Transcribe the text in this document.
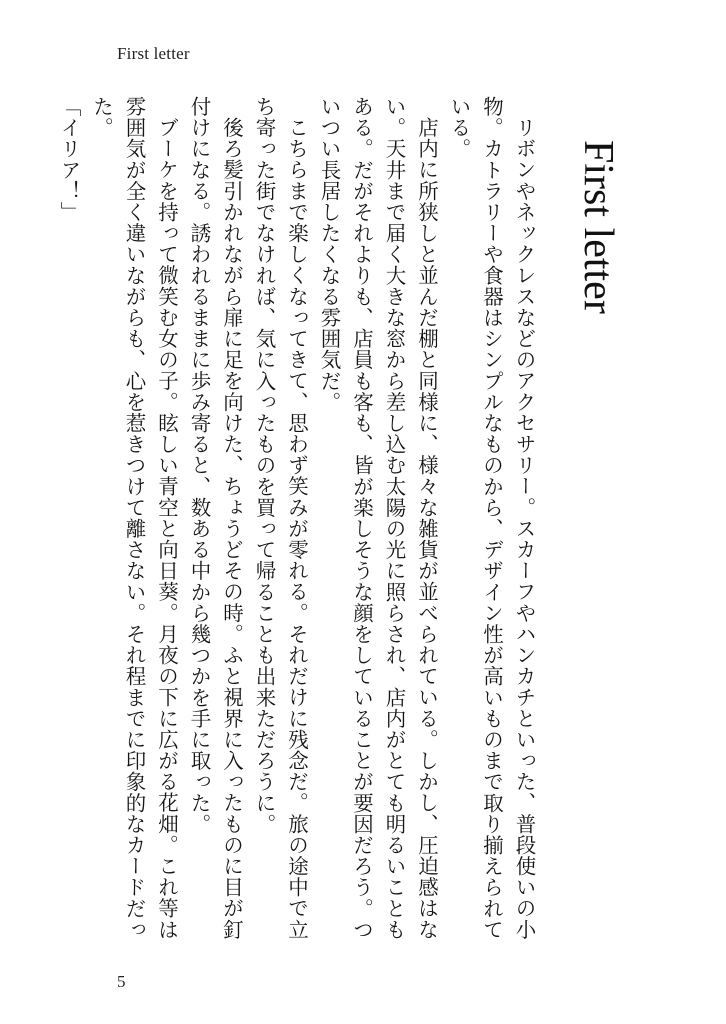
First letter
First letter

リボンやネックレスなどのアクセサリー。スカーフやハンカチといった、普段使いの小物。カトラリーや食器はシンプルなものから、デザイン性が高いものまで取り揃えられている。

店内に所狭しと並んだ棚と同様に、様々な雑貨が並べられている。しかし、圧迫感はない。天井まで届く大きな窓から差し込む太陽の光に照らされ、店内がとても明るいこともある。だがそれよりも、店員も客も、皆が楽しそうな顔をしていることが要因だろう。ついつい長居したくなる雰囲気だ。

こちらまで楽しくなってきて、思わず笑みが零れる。それだけに残念だ。旅の途中で立ち寄った街でなければ、気に入ったものを買って帰ることも出来ただろうに。

後ろ髪引かれながら扉に足を向けた、ちょうどその時。ふと視界に入ったものに目が釘付けになる。誘われるままに歩み寄ると、数ある中から幾つかを手に取った。

ブーケを持って微笑む女の子。眩しい青空と向日葵。月夜の下に広がる花畑。これ等は雰囲気が全く違いながらも、心を惹きつけて離さない。それ程までに印象的なカードだった。

「イリア！」

5
